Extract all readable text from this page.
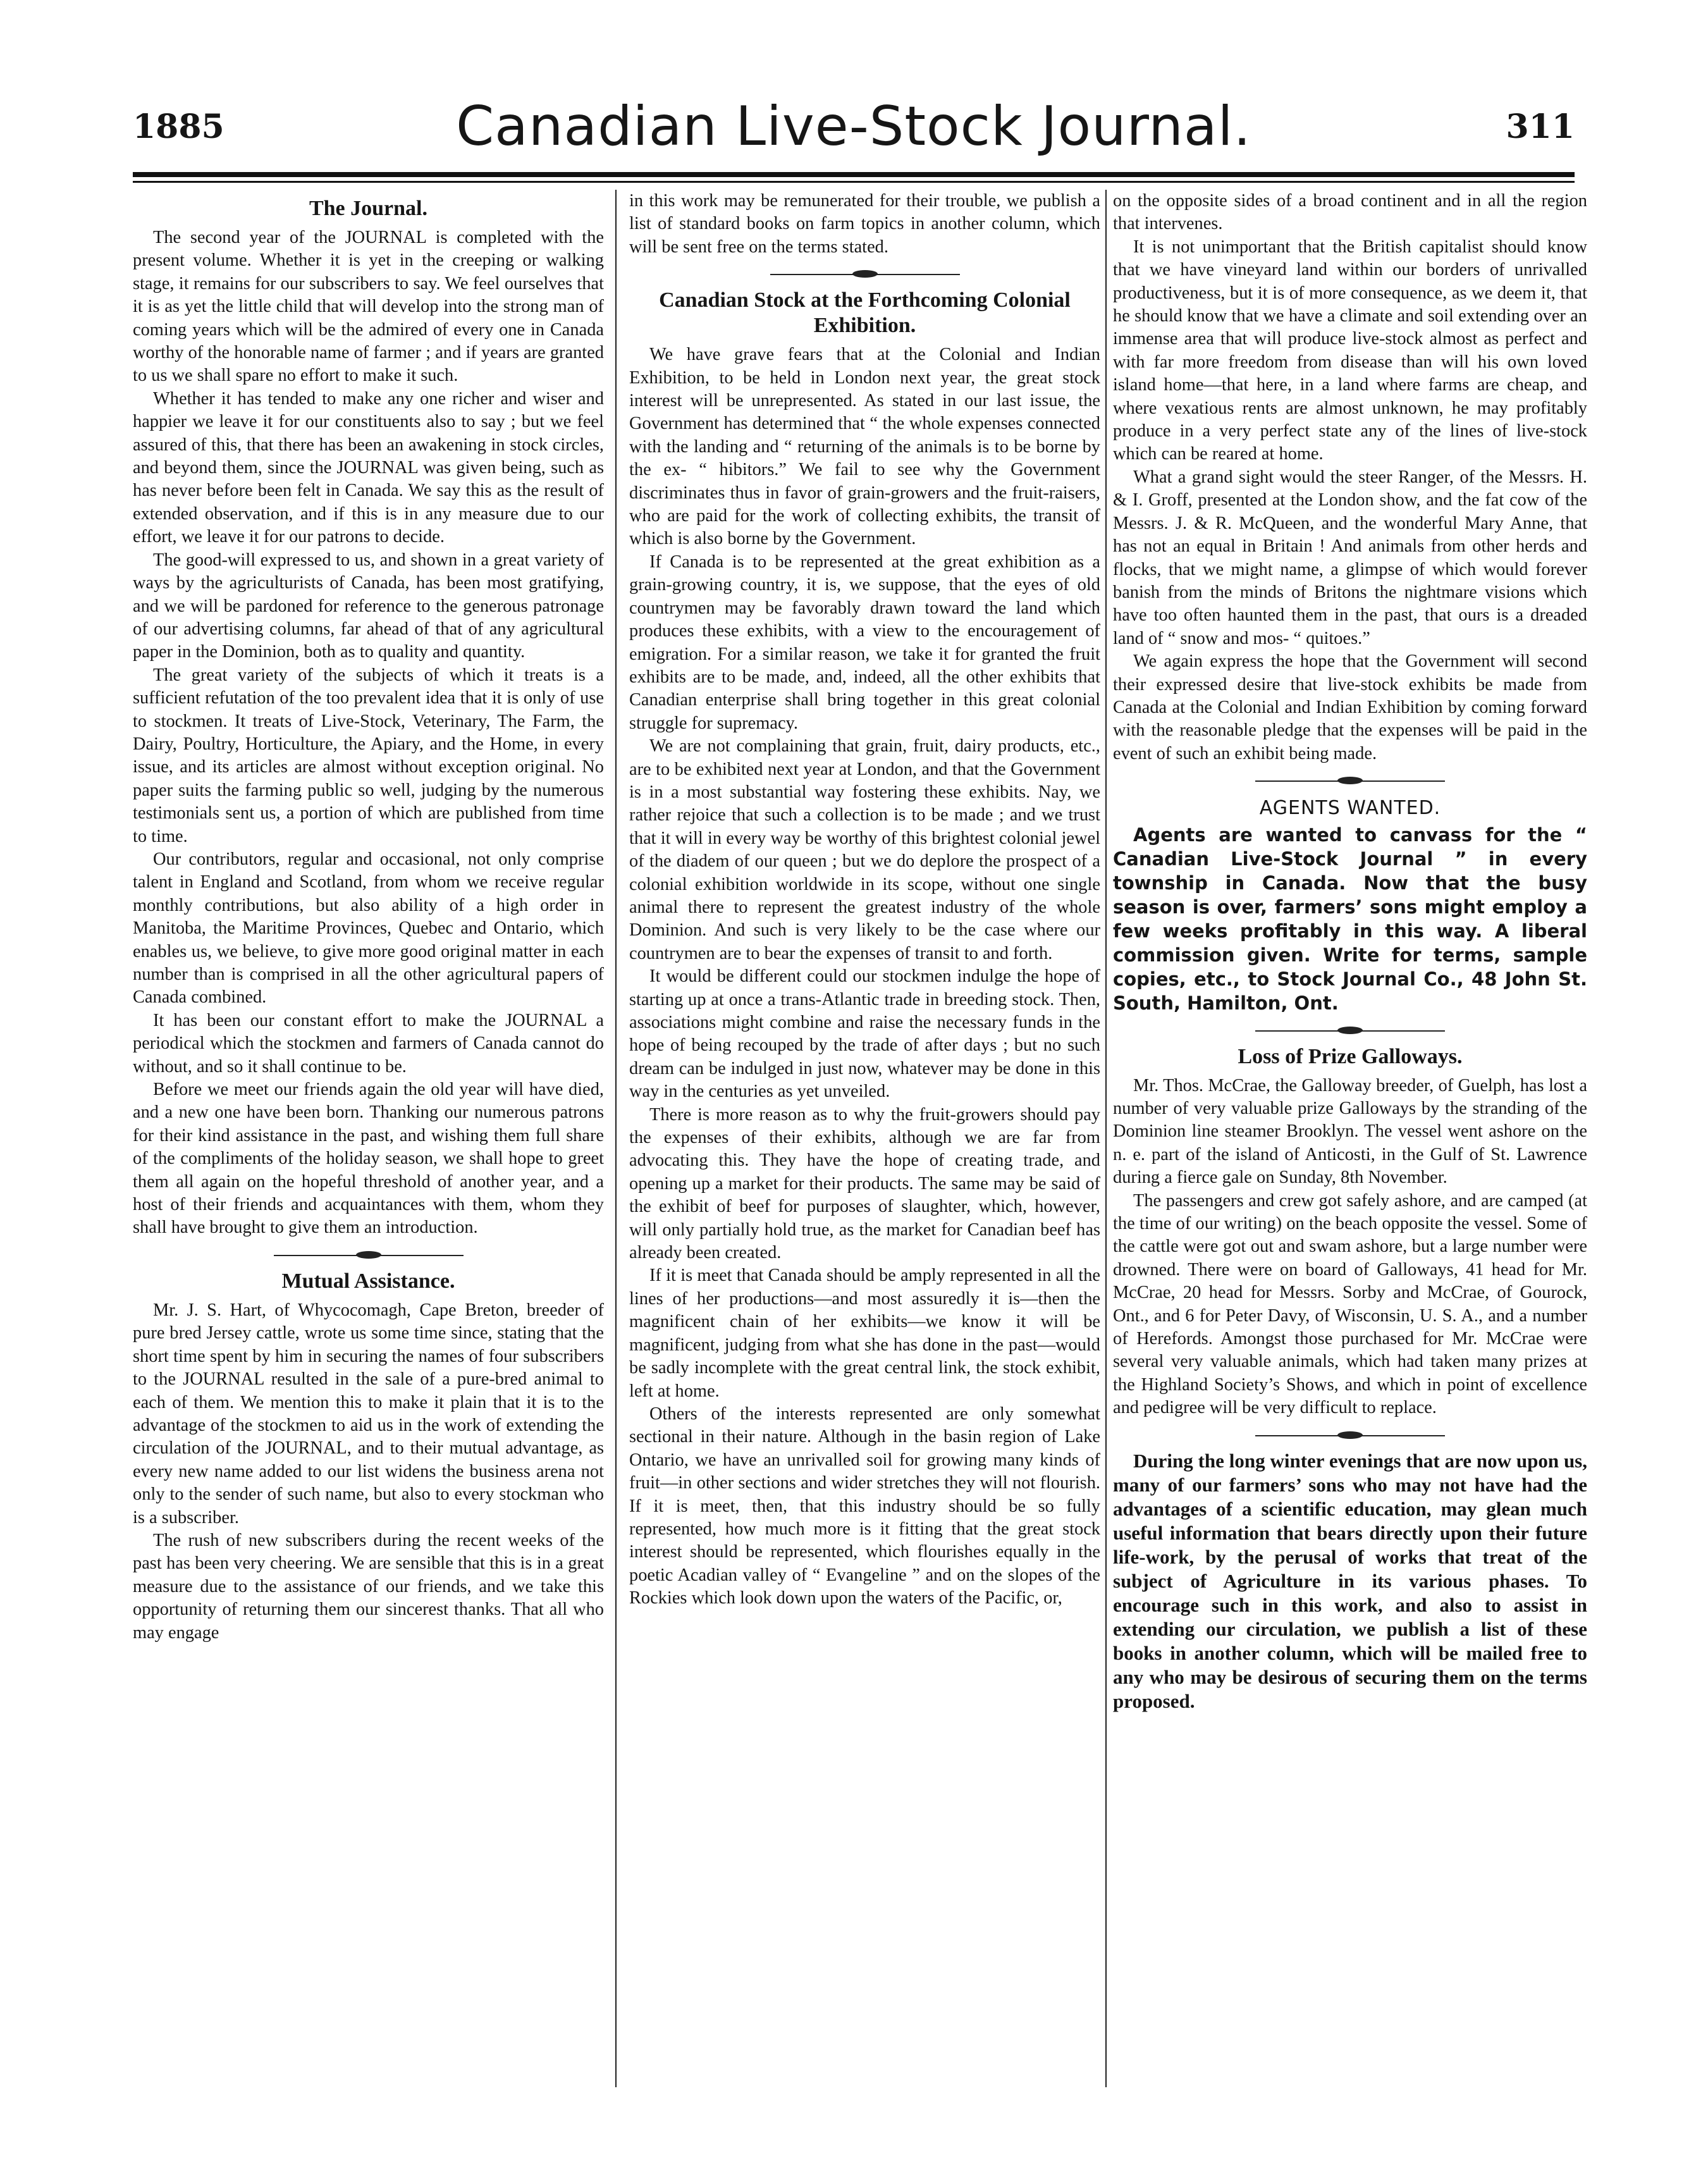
1885	Canadian Live-Stock Journal.	311
The Journal.

The second year of the JOURNAL is completed with the present volume. Whether it is yet in the creeping or walking stage, it remains for our subscribers to say. We feel ourselves that it is as yet the little child that will develop into the strong man of coming years which will be the admired of every one in Canada worthy of the honorable name of farmer ; and if years are granted to us we shall spare no effort to make it such.

Whether it has tended to make any one richer and wiser and happier we leave it for our constituents also to say ; but we feel assured of this, that there has been an awakening in stock circles, and beyond them, since the JOURNAL was given being, such as has never before been felt in Canada. We say this as the result of extended observation, and if this is in any measure due to our effort, we leave it for our patrons to decide.

The good-will expressed to us, and shown in a great variety of ways by the agriculturists of Canada, has been most gratifying, and we will be pardoned for reference to the generous patronage of our advertising columns, far ahead of that of any agricultural paper in the Dominion, both as to quality and quantity.

The great variety of the subjects of which it treats is a sufficient refutation of the too prevalent idea that it is only of use to stockmen. It treats of Live-Stock, Veterinary, The Farm, the Dairy, Poultry, Horticulture, the Apiary, and the Home, in every issue, and its articles are almost without exception original. No paper suits the farming public so well, judging by the numerous testimonials sent us, a portion of which are published from time to time.

Our contributors, regular and occasional, not only comprise talent in England and Scotland, from whom we receive regular monthly contributions, but also ability of a high order in Manitoba, the Maritime Provinces, Quebec and Ontario, which enables us, we believe, to give more good original matter in each number than is comprised in all the other agricultural papers of Canada combined.

It has been our constant effort to make the JOURNAL a periodical which the stockmen and farmers of Canada cannot do without, and so it shall continue to be.

Before we meet our friends again the old year will have died, and a new one have been born. Thanking our numerous patrons for their kind assistance in the past, and wishing them full share of the compliments of the holiday season, we shall hope to greet them all again on the hopeful threshold of another year, and a host of their friends and acquaintances with them, whom they shall have brought to give them an introduction.

Mutual Assistance.

Mr. J. S. Hart, of Whycocomagh, Cape Breton, breeder of pure bred Jersey cattle, wrote us some time since, stating that the short time spent by him in securing the names of four subscribers to the JOURNAL resulted in the sale of a pure-bred animal to each of them. We mention this to make it plain that it is to the advantage of the stockmen to aid us in the work of extending the circulation of the JOURNAL, and to their mutual advantage, as every new name added to our list widens the business arena not only to the sender of such name, but also to every stockman who is a subscriber.

The rush of new subscribers during the recent weeks of the past has been very cheering. We are sensible that this is in a great measure due to the assistance of our friends, and we take this opportunity of returning them our sincerest thanks. That all who may engage

in this work may be remunerated for their trouble, we publish a list of standard books on farm topics in another column, which will be sent free on the terms stated.

Canadian Stock at the Forthcoming Colonial Exhibition.

We have grave fears that at the Colonial and Indian Exhibition, to be held in London next year, the great stock interest will be unrepresented. As stated in our last issue, the Government has determined that “ the whole expenses connected with the landing and “ returning of the animals is to be borne by the ex- “ hibitors.” We fail to see why the Government discriminates thus in favor of grain-growers and the fruit-raisers, who are paid for the work of collecting exhibits, the transit of which is also borne by the Government.

If Canada is to be represented at the great exhibition as a grain-growing country, it is, we suppose, that the eyes of old countrymen may be favorably drawn toward the land which produces these exhibits, with a view to the encouragement of emigration. For a similar reason, we take it for granted the fruit exhibits are to be made, and, indeed, all the other exhibits that Canadian enterprise shall bring together in this great colonial struggle for supremacy.

We are not complaining that grain, fruit, dairy products, etc., are to be exhibited next year at London, and that the Government is in a most substantial way fostering these exhibits. Nay, we rather rejoice that such a collection is to be made ; and we trust that it will in every way be worthy of this brightest colonial jewel of the diadem of our queen ; but we do deplore the prospect of a colonial exhibition worldwide in its scope, without one single animal there to represent the greatest industry of the whole Dominion. And such is very likely to be the case where our countrymen are to bear the expenses of transit to and forth.

It would be different could our stockmen indulge the hope of starting up at once a trans-Atlantic trade in breeding stock. Then, associations might combine and raise the necessary funds in the hope of being recouped by the trade of after days ; but no such dream can be indulged in just now, whatever may be done in this way in the centuries as yet unveiled.

There is more reason as to why the fruit-growers should pay the expenses of their exhibits, although we are far from advocating this. They have the hope of creating trade, and opening up a market for their products. The same may be said of the exhibit of beef for purposes of slaughter, which, however, will only partially hold true, as the market for Canadian beef has already been created.

If it is meet that Canada should be amply represented in all the lines of her productions—and most assuredly it is—then the magnificent chain of her exhibits—we know it will be magnificent, judging from what she has done in the past—would be sadly incomplete with the great central link, the stock exhibit, left at home.

Others of the interests represented are only somewhat sectional in their nature. Although in the basin region of Lake Ontario, we have an unrivalled soil for growing many kinds of fruit—in other sections and wider stretches they will not flourish. If it is meet, then, that this industry should be so fully represented, how much more is it fitting that the great stock interest should be represented, which flourishes equally in the poetic Acadian valley of “ Evangeline ” and on the slopes of the Rockies which look down upon the waters of the Pacific, or,

on the opposite sides of a broad continent and in all the region that intervenes.

It is not unimportant that the British capitalist should know that we have vineyard land within our borders of unrivalled productiveness, but it is of more consequence, as we deem it, that he should know that we have a climate and soil extending over an immense area that will produce live-stock almost as perfect and with far more freedom from disease than will his own loved island home—that here, in a land where farms are cheap, and where vexatious rents are almost unknown, he may profitably produce in a very perfect state any of the lines of live-stock which can be reared at home.

What a grand sight would the steer Ranger, of the Messrs. H. & I. Groff, presented at the London show, and the fat cow of the Messrs. J. & R. McQueen, and the wonderful Mary Anne, that has not an equal in Britain ! And animals from other herds and flocks, that we might name, a glimpse of which would forever banish from the minds of Britons the nightmare visions which have too often haunted them in the past, that ours is a dreaded land of “ snow and mos- “ quitoes.”

We again express the hope that the Government will second their expressed desire that live-stock exhibits be made from Canada at the Colonial and Indian Exhibition by coming forward with the reasonable pledge that the expenses will be paid in the event of such an exhibit being made.

AGENTS WANTED.

Agents are wanted to canvass for the “ Canadian Live-Stock Journal ” in every township in Canada. Now that the busy season is over, farmers’ sons might employ a few weeks profitably in this way. A liberal commission given. Write for terms, sample copies, etc., to Stock Journal Co., 48 John St. South, Hamilton, Ont.

Loss of Prize Galloways.

Mr. Thos. McCrae, the Galloway breeder, of Guelph, has lost a number of very valuable prize Galloways by the stranding of the Dominion line steamer Brooklyn. The vessel went ashore on the n. e. part of the island of Anticosti, in the Gulf of St. Lawrence during a fierce gale on Sunday, 8th November.

The passengers and crew got safely ashore, and are camped (at the time of our writing) on the beach opposite the vessel. Some of the cattle were got out and swam ashore, but a large number were drowned. There were on board of Galloways, 41 head for Mr. McCrae, 20 head for Messrs. Sorby and McCrae, of Gourock, Ont., and 6 for Peter Davy, of Wisconsin, U. S. A., and a number of Herefords. Amongst those purchased for Mr. McCrae were several very valuable animals, which had taken many prizes at the Highland Society’s Shows, and which in point of excellence and pedigree will be very difficult to replace.

During the long winter evenings that are now upon us, many of our farmers’ sons who may not have had the advantages of a scientific education, may glean much useful information that bears directly upon their future life-work, by the perusal of works that treat of the subject of Agriculture in its various phases. To encourage such in this work, and also to assist in extending our circulation, we publish a list of these books in another column, which will be mailed free to any who may be desirous of securing them on the terms proposed.
